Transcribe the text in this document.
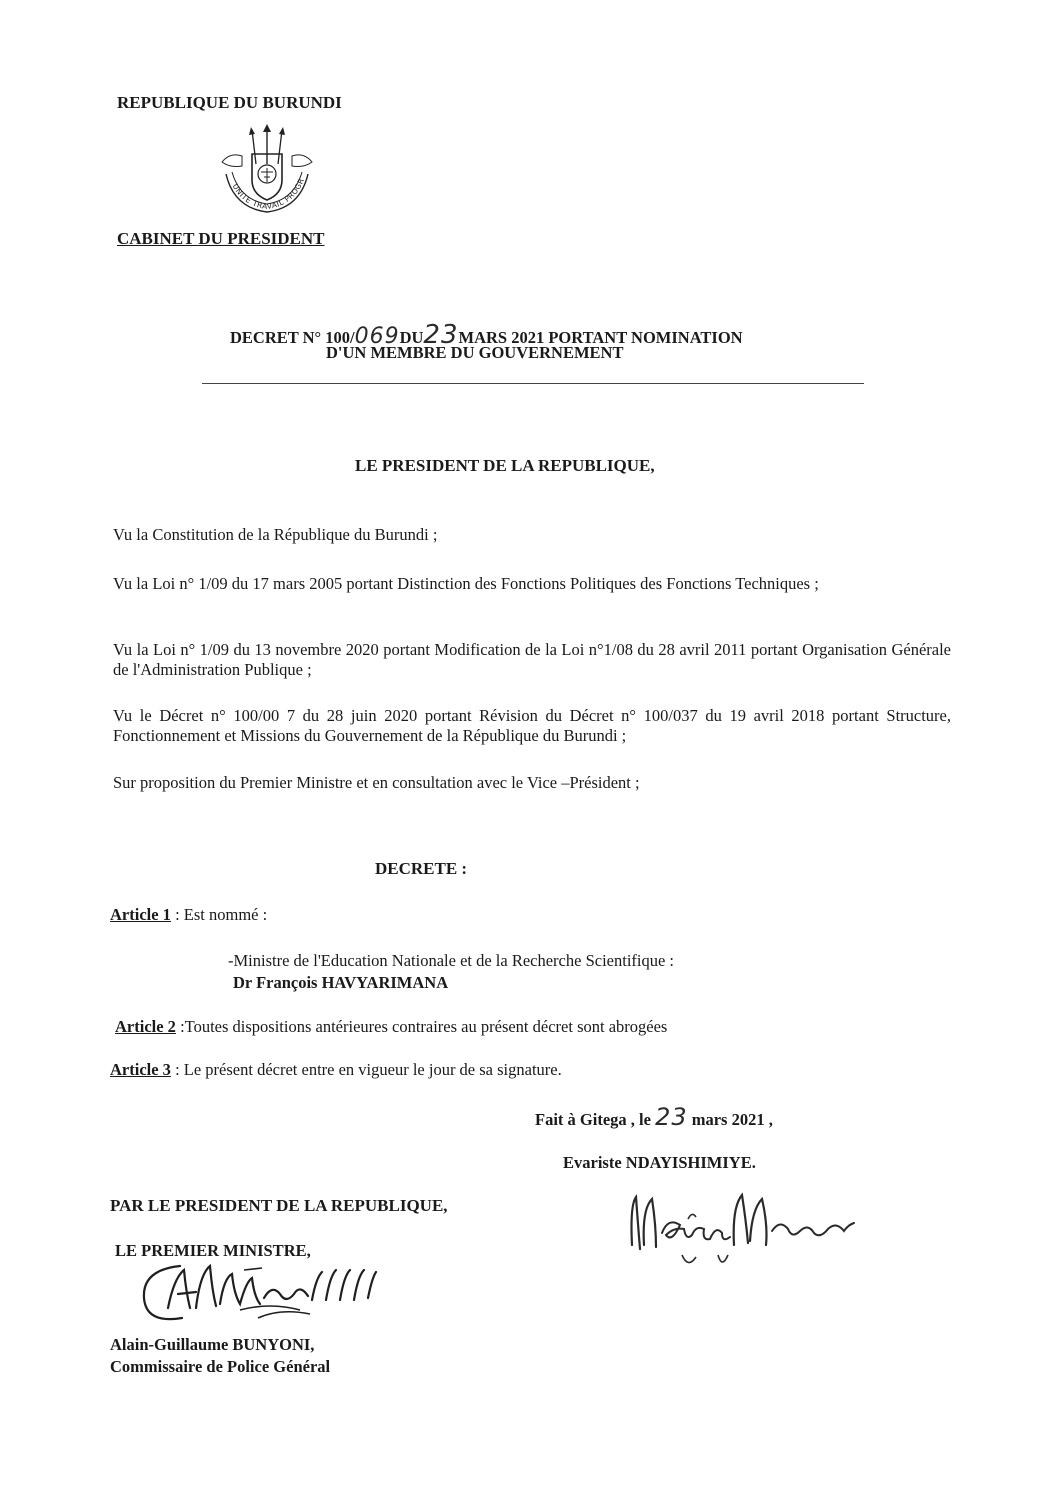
REPUBLIQUE DU BURUNDI
UNITE TRAVAIL PROGRES
CABINET DU PRESIDENT
DECRET N° 100/069DU23MARS 2021 PORTANT NOMINATION
D'UN MEMBRE DU GOUVERNEMENT
LE PRESIDENT DE LA REPUBLIQUE,
Vu la Constitution de la République du Burundi ;
Vu la Loi n° 1/09 du 17 mars 2005 portant Distinction des Fonctions Politiques des Fonctions Techniques ;
Vu la Loi n° 1/09 du 13 novembre 2020 portant Modification de la Loi n°1/08 du 28 avril 2011 portant Organisation Générale de l'Administration Publique ;
Vu le Décret n° 100/00 7 du 28 juin 2020 portant Révision du Décret n° 100/037 du 19 avril 2018 portant Structure, Fonctionnement et Missions du Gouvernement de la République du Burundi ;
Sur proposition du Premier Ministre et en consultation avec le Vice –Président ;
DECRETE :
Article 1 : Est nommé :
-Ministre de l'Education Nationale et de la Recherche Scientifique :
Dr François HAVYARIMANA
Article 2 :Toutes dispositions antérieures contraires au présent décret sont abrogées
Article 3 : Le présent décret entre en vigueur le jour de sa signature.
Fait à Gitega , le 23 mars 2021 ,
Evariste NDAYISHIMIYE.
PAR LE PRESIDENT DE LA REPUBLIQUE,
LE PREMIER MINISTRE,
Alain-Guillaume BUNYONI,
Commissaire de Police Général
